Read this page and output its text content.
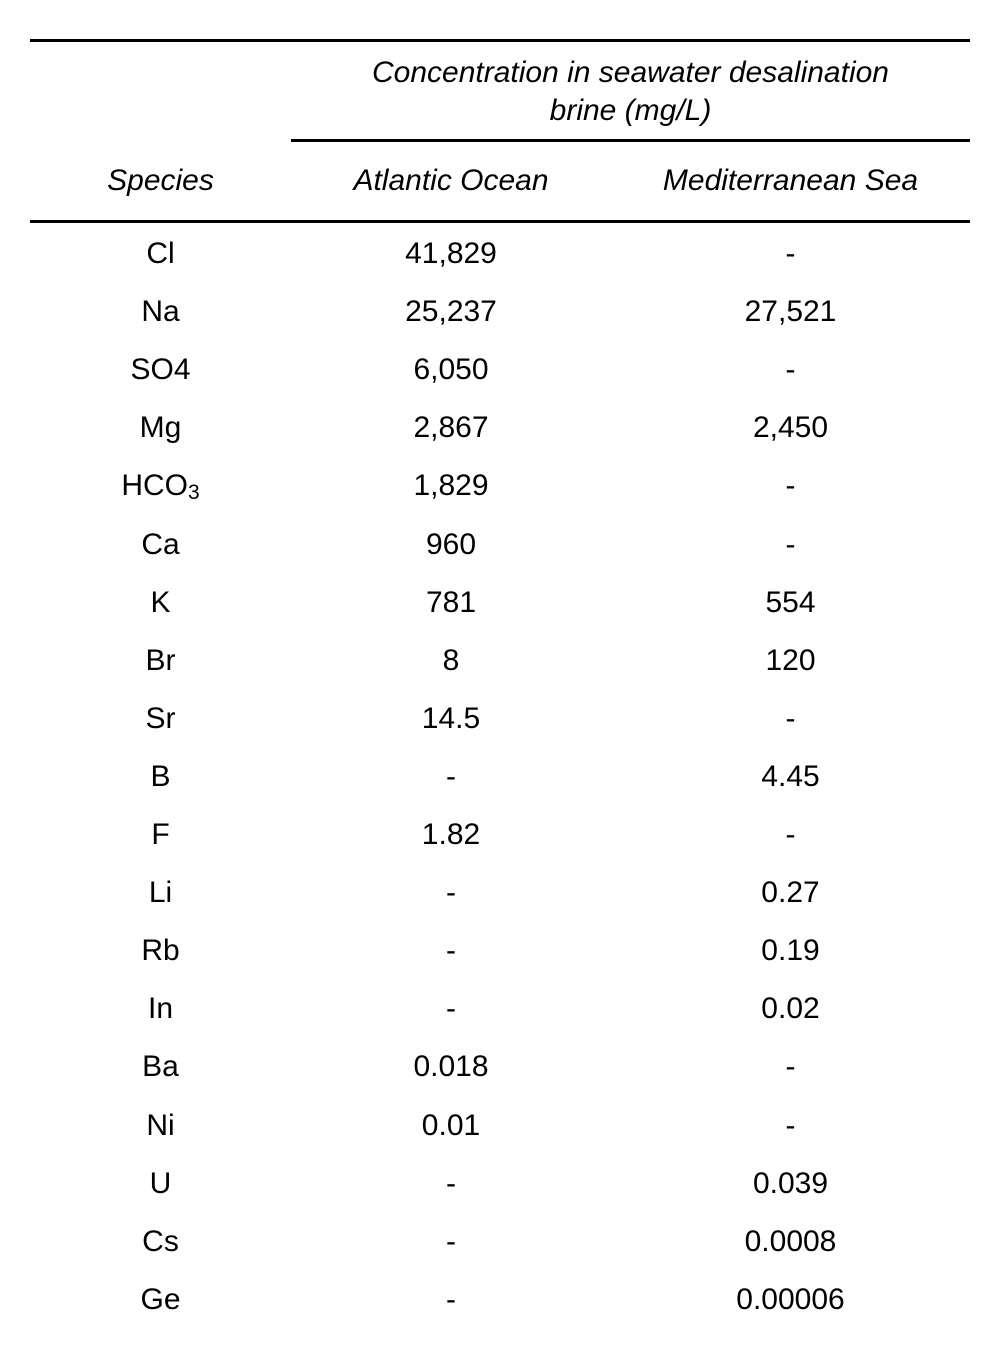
Concentration in seawater desalination
brine (mg/L)
Species	Atlantic Ocean	Mediterranean Sea
Cl	41,829	-
Na	25,237	27,521
SO4	6,050	-
Mg	2,867	2,450
$HCO_3$	1,829	-
Ca	960	-
K	781	554
Br	8	120
Sr	14.5	-
B	-	4.45
F	1.82	-
Li	-	0.27
Rb	-	0.19
In	-	0.02
Ba	0.018	-
Ni	0.01	-
U	-	0.039
Cs	-	0.0008
Ge	-	0.00006
